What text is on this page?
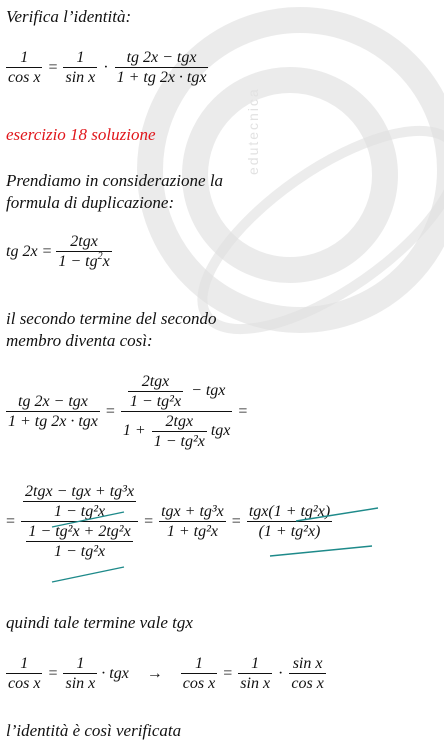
edutecnica
Verifica l’identità:
$\frac{1}{\text{cos x}} = \frac{1}{\text{sin x}} \cdot \frac{\text{tg 2x − tgx}}{\text{1 + tg 2x · tgx}}$
esercizio 18 soluzione
Prendiamo in considerazione la
formula di duplicazione:
tg $2x = \frac{\text{2tgx}}{1 - tg^2x}$
il secondo termine del secondo
membro diventa così:
$\frac{\text{tg 2x − tgx}}{\text{1 + tg 2x · tgx}} = \frac{\frac{\text{2tgx}}{\text{1 − tg²x}} - tgx}{1 + \frac{\text{2tgx}}{\text{1 − tg²x}} tgx}$ =
= $\frac{\frac{\text{2tgx − tgx + tg³x}}{\text{1 − tg²x}}}{\frac{\text{1 − tg²x + 2tg²x}}{\text{1 − tg²x}}} = \frac{\text{tgx + tg³x}}{\text{1 + tg²x}} = \frac{\text{tgx(1 + tg²x)}}{\text{(1 + tg²x)}}$
quindi tale termine vale tgx
$\frac{1}{\text{cos x}} = \frac{1}{\text{sin x}}$ · tgx	→	$\frac{1}{\text{cos x}} = \frac{1}{\text{sin x}} \cdot \frac{\text{sin x}}{\text{cos x}}$
l’identità è così verificata
